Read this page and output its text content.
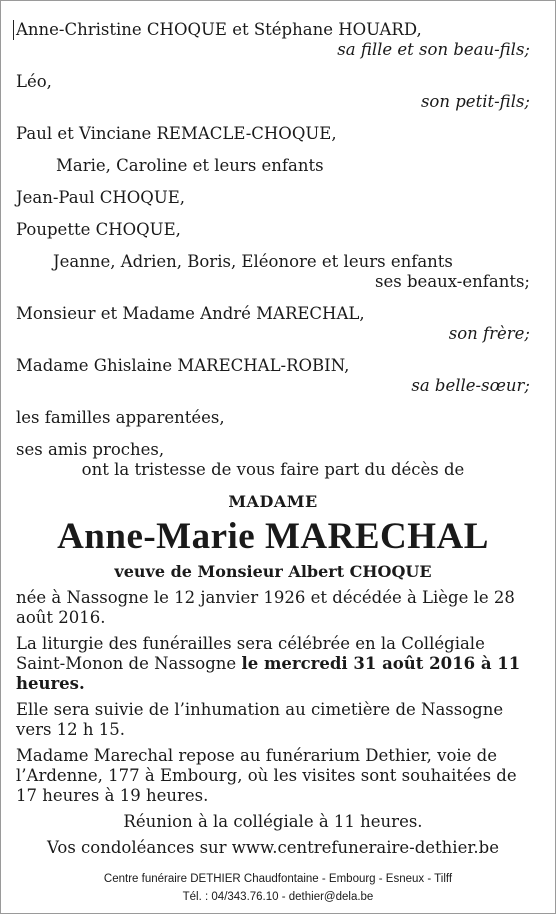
Anne-Christine CHOQUE et Stéphane HOUARD,

sa fille et son beau-fils;

Léo,

son petit-fils;

Paul et Vinciane REMACLE-CHOQUE,

Marie, Caroline et leurs enfants

Jean-Paul CHOQUE,

Poupette CHOQUE,

Jeanne, Adrien, Boris, Eléonore et leurs enfants

ses beaux-enfants;

Monsieur et Madame André MARECHAL,

son frère;

Madame Ghislaine MARECHAL-ROBIN,

sa belle-sœur;

les familles apparentées,

ses amis proches,

ont la tristesse de vous faire part du décès de

MADAME

Anne-Marie MARECHAL

veuve de Monsieur Albert CHOQUE

née à Nassogne le 12 janvier 1926 et décédée à Liège le 28 août 2016.

La liturgie des funérailles sera célébrée en la Collégiale Saint-Monon de Nassogne le mercredi 31 août 2016 à 11 heures.

Elle sera suivie de l’inhumation au cimetière de Nassogne vers 12 h 15.

Madame Marechal repose au funérarium Dethier, voie de l’Ardenne, 177 à Embourg, où les visites sont souhaitées de 17 heures à 19 heures.

Réunion à la collégiale à 11 heures.

Vos condoléances sur www.centrefuneraire-dethier.be

Centre funéraire DETHIER Chaudfontaine - Embourg - Esneux - Tilff
Tél. : 04/343.76.10 - dethier@dela.be
